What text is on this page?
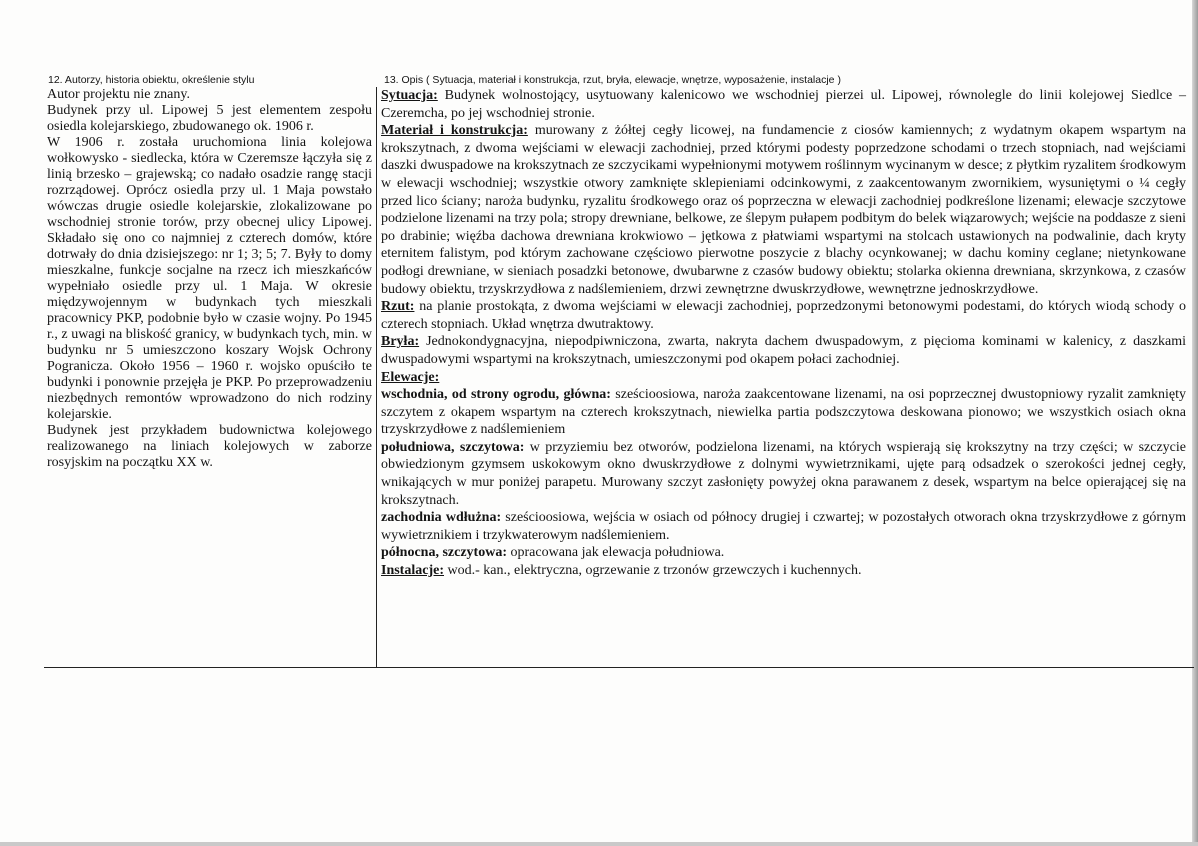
12. Autorzy, historia obiektu, określenie stylu	13. Opis ( Sytuacja, materiał i konstrukcja, rzut, bryła, elewacje, wnętrze, wyposażenie, instalacje )

Autor projektu nie znany.

Budynek przy ul. Lipowej 5 jest elementem zespołu osiedla kolejarskiego, zbudowanego ok. 1906 r.

W 1906 r. została uruchomiona linia kolejowa wołkowysko - siedlecka, która w Czeremsze łączyła się z linią brzesko – grajewską; co nadało osadzie rangę stacji rozrządowej. Oprócz osiedla przy ul. 1 Maja powstało wówczas drugie osiedle kolejarskie, zlokalizowane po wschodniej stronie torów, przy obecnej ulicy Lipowej. Składało się ono co najmniej z czterech domów, które dotrwały do dnia dzisiejszego: nr 1; 3; 5; 7. Były to domy mieszkalne, funkcje socjalne na rzecz ich mieszkańców wypełniało osiedle przy ul. 1 Maja. W okresie międzywojennym w budynkach tych mieszkali pracownicy PKP, podobnie było w czasie wojny. Po 1945 r., z uwagi na bliskość granicy, w budynkach tych, min. w budynku nr 5 umieszczono koszary Wojsk Ochrony Pogranicza. Około 1956 – 1960 r. wojsko opuściło te budynki i ponownie przejęła je PKP. Po przeprowadzeniu niezbędnych remontów wprowadzono do nich rodziny kolejarskie.

Budynek jest przykładem budownictwa kolejowego realizowanego na liniach kolejowych w zaborze rosyjskim na początku XX w.

Sytuacja: Budynek wolnostojący, usytuowany kalenicowo we wschodniej pierzei ul. Lipowej, równolegle do linii kolejowej Siedlce – Czeremcha, po jej wschodniej stronie.

Materiał i konstrukcja: murowany z żółtej cegły licowej, na fundamencie z ciosów kamiennych; z wydatnym okapem wspartym na krokszytnach, z dwoma wejściami w elewacji zachodniej, przed którymi podesty poprzedzone schodami o trzech stopniach, nad wejściami daszki dwuspadowe na krokszytnach ze szczycikami wypełnionymi motywem roślinnym wycinanym w desce; z płytkim ryzalitem środkowym w elewacji wschodniej; wszystkie otwory zamknięte sklepieniami odcinkowymi, z zaakcentowanym zwornikiem, wysuniętymi o ¼ cegły przed lico ściany; naroża budynku, ryzalitu środkowego oraz oś poprzeczna w elewacji zachodniej podkreślone lizenami; elewacje szczytowe podzielone lizenami na trzy pola; stropy drewniane, belkowe, ze ślepym pułapem podbitym do belek wiązarowych; wejście na poddasze z sieni po drabinie; więźba dachowa drewniana krokwiowo – jętkowa z płatwiami wspartymi na stolcach ustawionych na podwalinie, dach kryty eternitem falistym, pod którym zachowane częściowo pierwotne poszycie z blachy ocynkowanej; w dachu kominy ceglane; nietynkowane podłogi drewniane, w sieniach posadzki betonowe, dwubarwne z czasów budowy obiektu; stolarka okienna drewniana, skrzynkowa, z czasów budowy obiektu, trzyskrzydłowa z nadślemieniem, drzwi zewnętrzne dwuskrzydłowe, wewnętrzne jednoskrzydłowe.

Rzut: na planie prostokąta, z dwoma wejściami w elewacji zachodniej, poprzedzonymi betonowymi podestami, do których wiodą schody o czterech stopniach. Układ wnętrza dwutraktowy.

Bryła: Jednokondygnacyjna, niepodpiwniczona, zwarta, nakryta dachem dwuspadowym, z pięcioma kominami w kalenicy, z daszkami dwuspadowymi wspartymi na krokszytnach, umieszczonymi pod okapem połaci zachodniej.

Elewacje:

wschodnia, od strony ogrodu, główna: sześcioosiowa, naroża zaakcentowane lizenami, na osi poprzecznej dwustopniowy ryzalit zamknięty szczytem z okapem wspartym na czterech krokszytnach, niewielka partia podszczytowa deskowana pionowo; we wszystkich osiach okna trzyskrzydłowe z nadślemieniem

południowa, szczytowa: w przyziemiu bez otworów, podzielona lizenami, na których wspierają się krokszytny na trzy części; w szczycie obwiedzionym gzymsem uskokowym okno dwuskrzydłowe z dolnymi wywietrznikami, ujęte parą odsadzek o szerokości jednej cegły, wnikających w mur poniżej parapetu. Murowany szczyt zasłonięty powyżej okna parawanem z desek, wspartym na belce opierającej się na krokszytnach.

zachodnia wdłużna: sześcioosiowa, wejścia w osiach od północy drugiej i czwartej; w pozostałych otworach okna trzyskrzydłowe z górnym wywietrznikiem i trzykwaterowym nadślemieniem.

północna, szczytowa: opracowana jak elewacja południowa.

Instalacje: wod.- kan., elektryczna, ogrzewanie z trzonów grzewczych i kuchennych.
